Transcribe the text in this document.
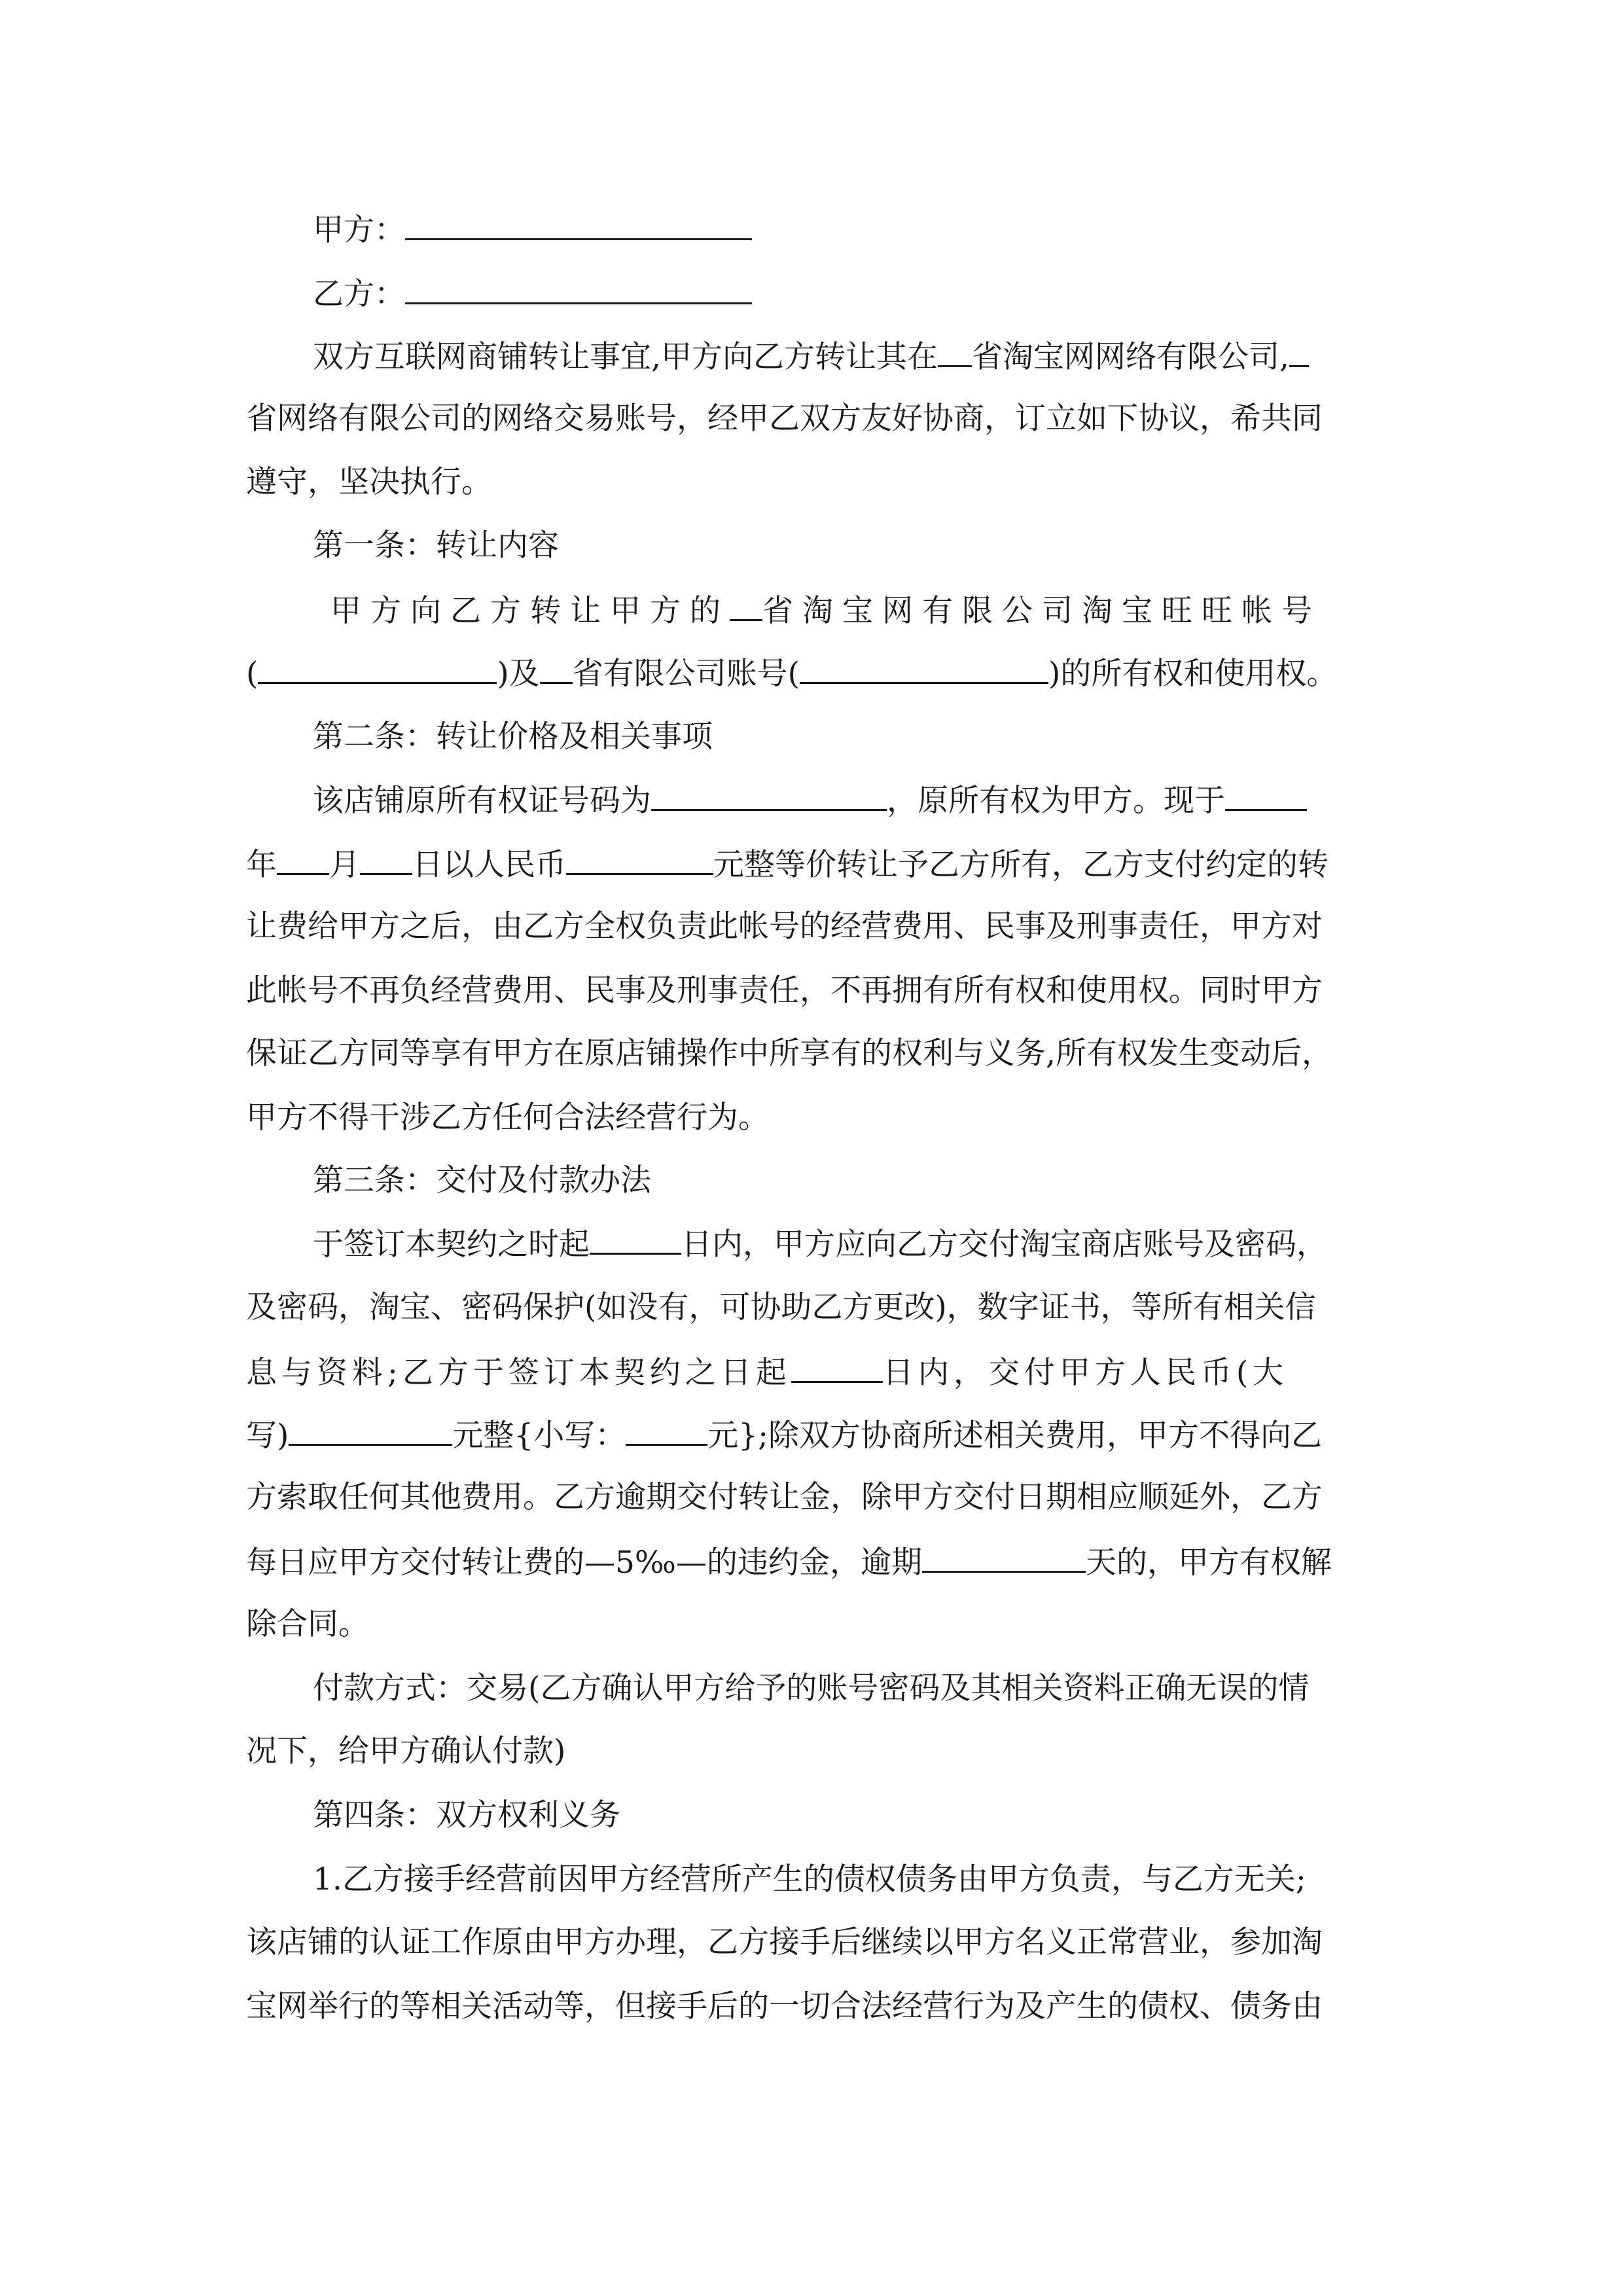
甲方：
乙方：
双方互联网商铺转让事宜,甲方向乙方转让其在 省淘宝网网络有限公司,
省网络有限公司的网络交易账号，经甲乙双方友好协商，订立如下协议，希共同
遵守，坚决执行。
第一条：转让内容
甲方向乙方转让甲方的 省淘宝网有限公司淘宝旺旺帐号
(	)及 省有限公司账号(	)的所有权和使用权。
第二条：转让价格及相关事项
该店铺原所有权证号码为	，原所有权为甲方。现于
年 月 日以人民币	元整等价转让予乙方所有，乙方支付约定的转
让费给甲方之后，由乙方全权负责此帐号的经营费用、民事及刑事责任，甲方对
此帐号不再负经营费用、民事及刑事责任，不再拥有所有权和使用权。同时甲方
保证乙方同等享有甲方在原店铺操作中所享有的权利与义务,所有权发生变动后，
甲方不得干涉乙方任何合法经营行为。
第三条：交付及付款办法
于签订本契约之时起	日内，甲方应向乙方交付淘宝商店账号及密码，
及密码，淘宝、密码保护(如没有，可协助乙方更改)，数字证书，等所有相关信
息与资料;乙方于签订本契约之日起	日内，交付甲方人民币(大
写)	元整{小写：	元};除双方协商所述相关费用，甲方不得向乙
方索取任何其他费用。乙方逾期交付转让金，除甲方交付日期相应顺延外，乙方
每日应甲方交付转让费的—5‰—的违约金，逾期	天的，甲方有权解
除合同。
付款方式：交易(乙方确认甲方给予的账号密码及其相关资料正确无误的情
况下，给甲方确认付款)
第四条：双方权利义务
1.乙方接手经营前因甲方经营所产生的债权债务由甲方负责，与乙方无关;
该店铺的认证工作原由甲方办理，乙方接手后继续以甲方名义正常营业，参加淘
宝网举行的等相关活动等，但接手后的一切合法经营行为及产生的债权、债务由
